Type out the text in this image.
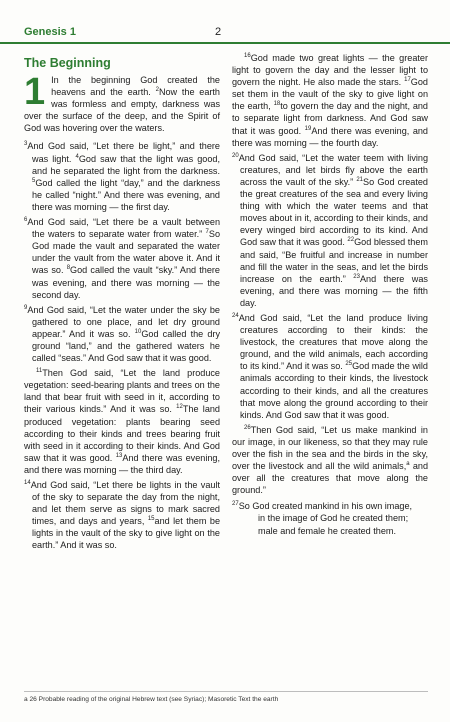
Genesis 1	2
The Beginning

1 In the beginning God created the heavens and the earth. $^2$Now the earth was formless and empty, darkness was over the surface of the deep, and the Spirit of God was hovering over the waters.

$^3$And God said, “Let there be light,” and there was light. $^4$God saw that the light was good, and he separated the light from the darkness. $^5$God called the light “day,” and the darkness he called “night.” And there was evening, and there was morning — the first day.

$^6$And God said, “Let there be a vault between the waters to separate water from water.” $^7$So God made the vault and separated the water under the vault from the water above it. And it was so. $^8$God called the vault “sky.” And there was evening, and there was morning — the second day.

$^9$And God said, “Let the water under the sky be gathered to one place, and let dry ground appear.” And it was so. $^{10}$God called the dry ground “land,” and the gathered waters he called “seas.” And God saw that it was good.

$^{11}$Then God said, “Let the land produce vegetation: seed-bearing plants and trees on the land that bear fruit with seed in it, according to their various kinds.” And it was so. $^{12}$The land produced vegetation: plants bearing seed according to their kinds and trees bearing fruit with seed in it according to their kinds. And God saw that it was good. $^{13}$And there was evening, and there was morning — the third day.

$^{14}$And God said, “Let there be lights in the vault of the sky to separate the day from the night, and let them serve as signs to mark sacred times, and days and years, $^{15}$and let them be lights in the vault of the sky to give light on the earth.” And it was so.

$^{16}$God made two great lights — the greater light to govern the day and the lesser light to govern the night. He also made the stars. $^{17}$God set them in the vault of the sky to give light on the earth, $^{18}$to govern the day and the night, and to separate light from darkness. And God saw that it was good. $^{19}$And there was evening, and there was morning — the fourth day.

$^{20}$And God said, “Let the water teem with living creatures, and let birds fly above the earth across the vault of the sky.” $^{21}$So God created the great creatures of the sea and every living thing with which the water teems and that moves about in it, according to their kinds, and every winged bird according to its kind. And God saw that it was good. $^{22}$God blessed them and said, “Be fruitful and increase in number and fill the water in the seas, and let the birds increase on the earth.” $^{23}$And there was evening, and there was morning — the fifth day.

$^{24}$And God said, “Let the land produce living creatures according to their kinds: the livestock, the creatures that move along the ground, and the wild animals, each according to its kind.” And it was so. $^{25}$God made the wild animals according to their kinds, the livestock according to their kinds, and all the creatures that move along the ground according to their kinds. And God saw that it was good.

$^{26}$Then God said, “Let us make mankind in our image, in our likeness, so that they may rule over the fish in the sea and the birds in the sky, over the livestock and all the wild animals,$^a$ and over all the creatures that move along the ground.”

$^{27}$So God created mankind in his own image,

in the image of God he created them;

male and female he created them.

a 26 Probable reading of the original Hebrew text (see Syriac); Masoretic Text the earth
